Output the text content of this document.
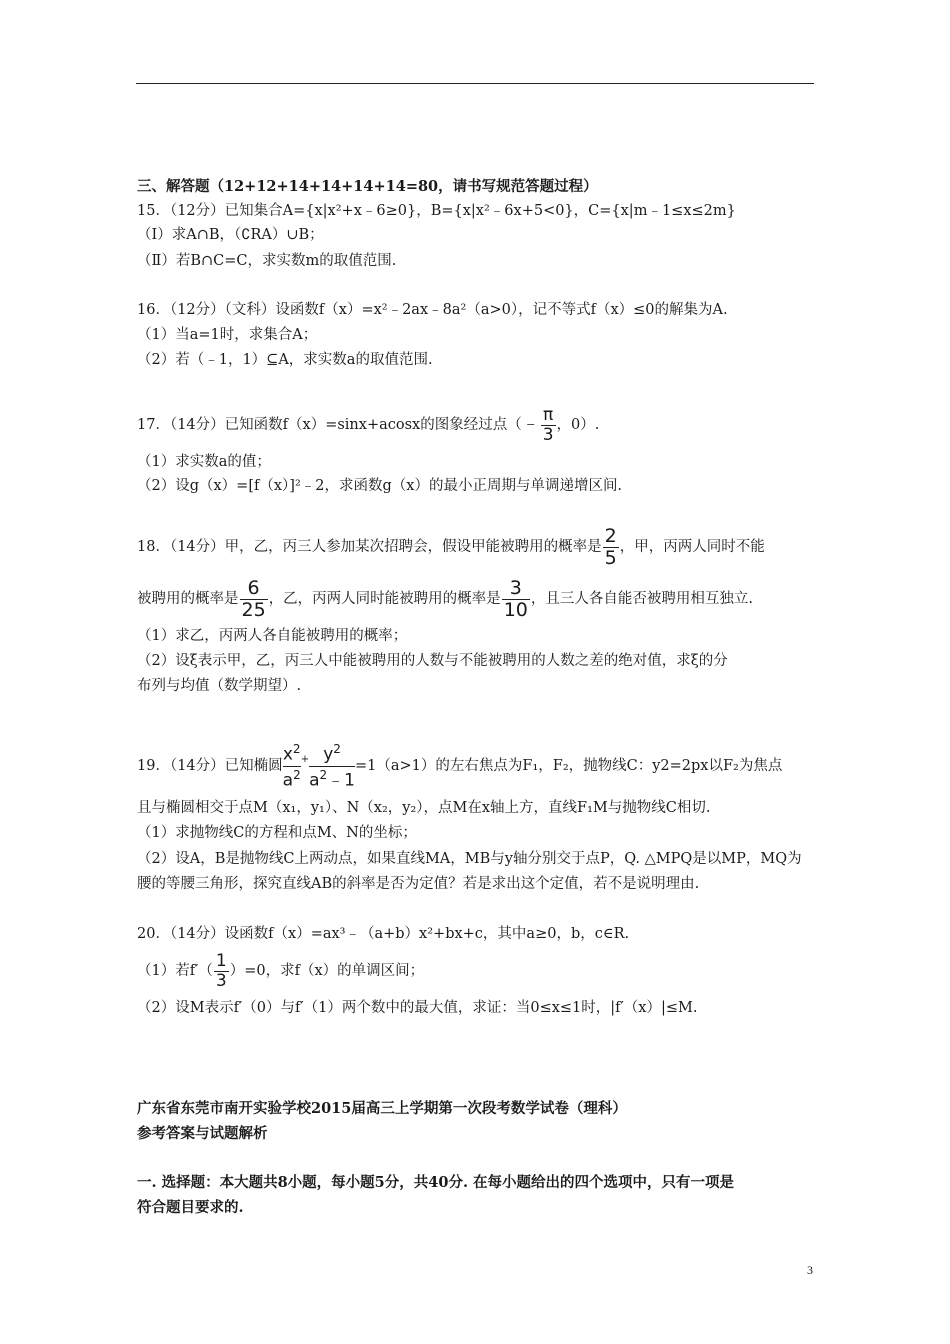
三、解答题（12+12+14+14+14+14=80，请书写规范答题过程）
15．（12分）已知集合A={x|x²+x﹣6≥0}，B={x|x²﹣6x+5<0}，C={x|m﹣1≤x≤2m}
（Ⅰ）求A∩B，（∁RA）∪B；
（Ⅱ）若B∩C=C，求实数m的取值范围.
16．（12分）（文科）设函数f（x）=x²﹣2ax﹣8a²（a>0），记不等式f（x）≤0的解集为A.
（1）当a=1时，求集合A；
（2）若（﹣1，1）⊆A，求实数a的取值范围.
17．（14分）已知函数f（x）=sinx+acosx的图象经过点（﹣ $\frac{\pi}{3}$ ，0）.
（1）求实数a的值；
（2）设g（x）=[f（x）]²﹣2，求函数g（x）的最小正周期与单调递增区间.
18．（14分）甲，乙，丙三人参加某次招聘会，假设甲能被聘用的概率是 $\frac{2}{5}$ ，甲，丙两人同时不能
被聘用的概率是 $\frac{6}{25}$ ，乙，丙两人同时能被聘用的概率是 $\frac{3}{10}$ ，且三人各自能否被聘用相互独立.
（1）求乙，丙两人各自能被聘用的概率；
（2）设ξ表示甲，乙，丙三人中能被聘用的人数与不能被聘用的人数之差的绝对值，求ξ的分
布列与均值（数学期望）.
19．（14分）已知椭圆 $\frac{x^2}{a^2} ^+ \frac{y^2}{a^2﹣1} =1(a>1)$的左右焦点为F₁，F₂，抛物线C：y2=2px以F₂为焦点
且与椭圆相交于点M（x₁，y₁）、N（x₂，y₂），点M在x轴上方，直线F₁M与抛物线C相切.
（1）求抛物线C的方程和点M、N的坐标；
（2）设A，B是抛物线C上两动点，如果直线MA，MB与y轴分别交于点P，Q. △MPQ是以MP，MQ为
腰的等腰三角形，探究直线AB的斜率是否为定值？若是求出这个定值，若不是说明理由.
20．（14分）设函数f（x）=ax³﹣（a+b）x²+bx+c，其中a≥0，b，c∈R.
（1）若$f'( \frac{1}{3} )=0$，求f（x）的单调区间；
（2）设M表示f′（0）与f′（1）两个数中的最大值，求证：当0≤x≤1时，|f′（x）|≤M.
广东省东莞市南开实验学校2015届高三上学期第一次段考数学试卷（理科）
参考答案与试题解析
一. 选择题：本大题共8小题，每小题5分，共40分. 在每小题给出的四个选项中，只有一项是
符合题目要求的.
3
